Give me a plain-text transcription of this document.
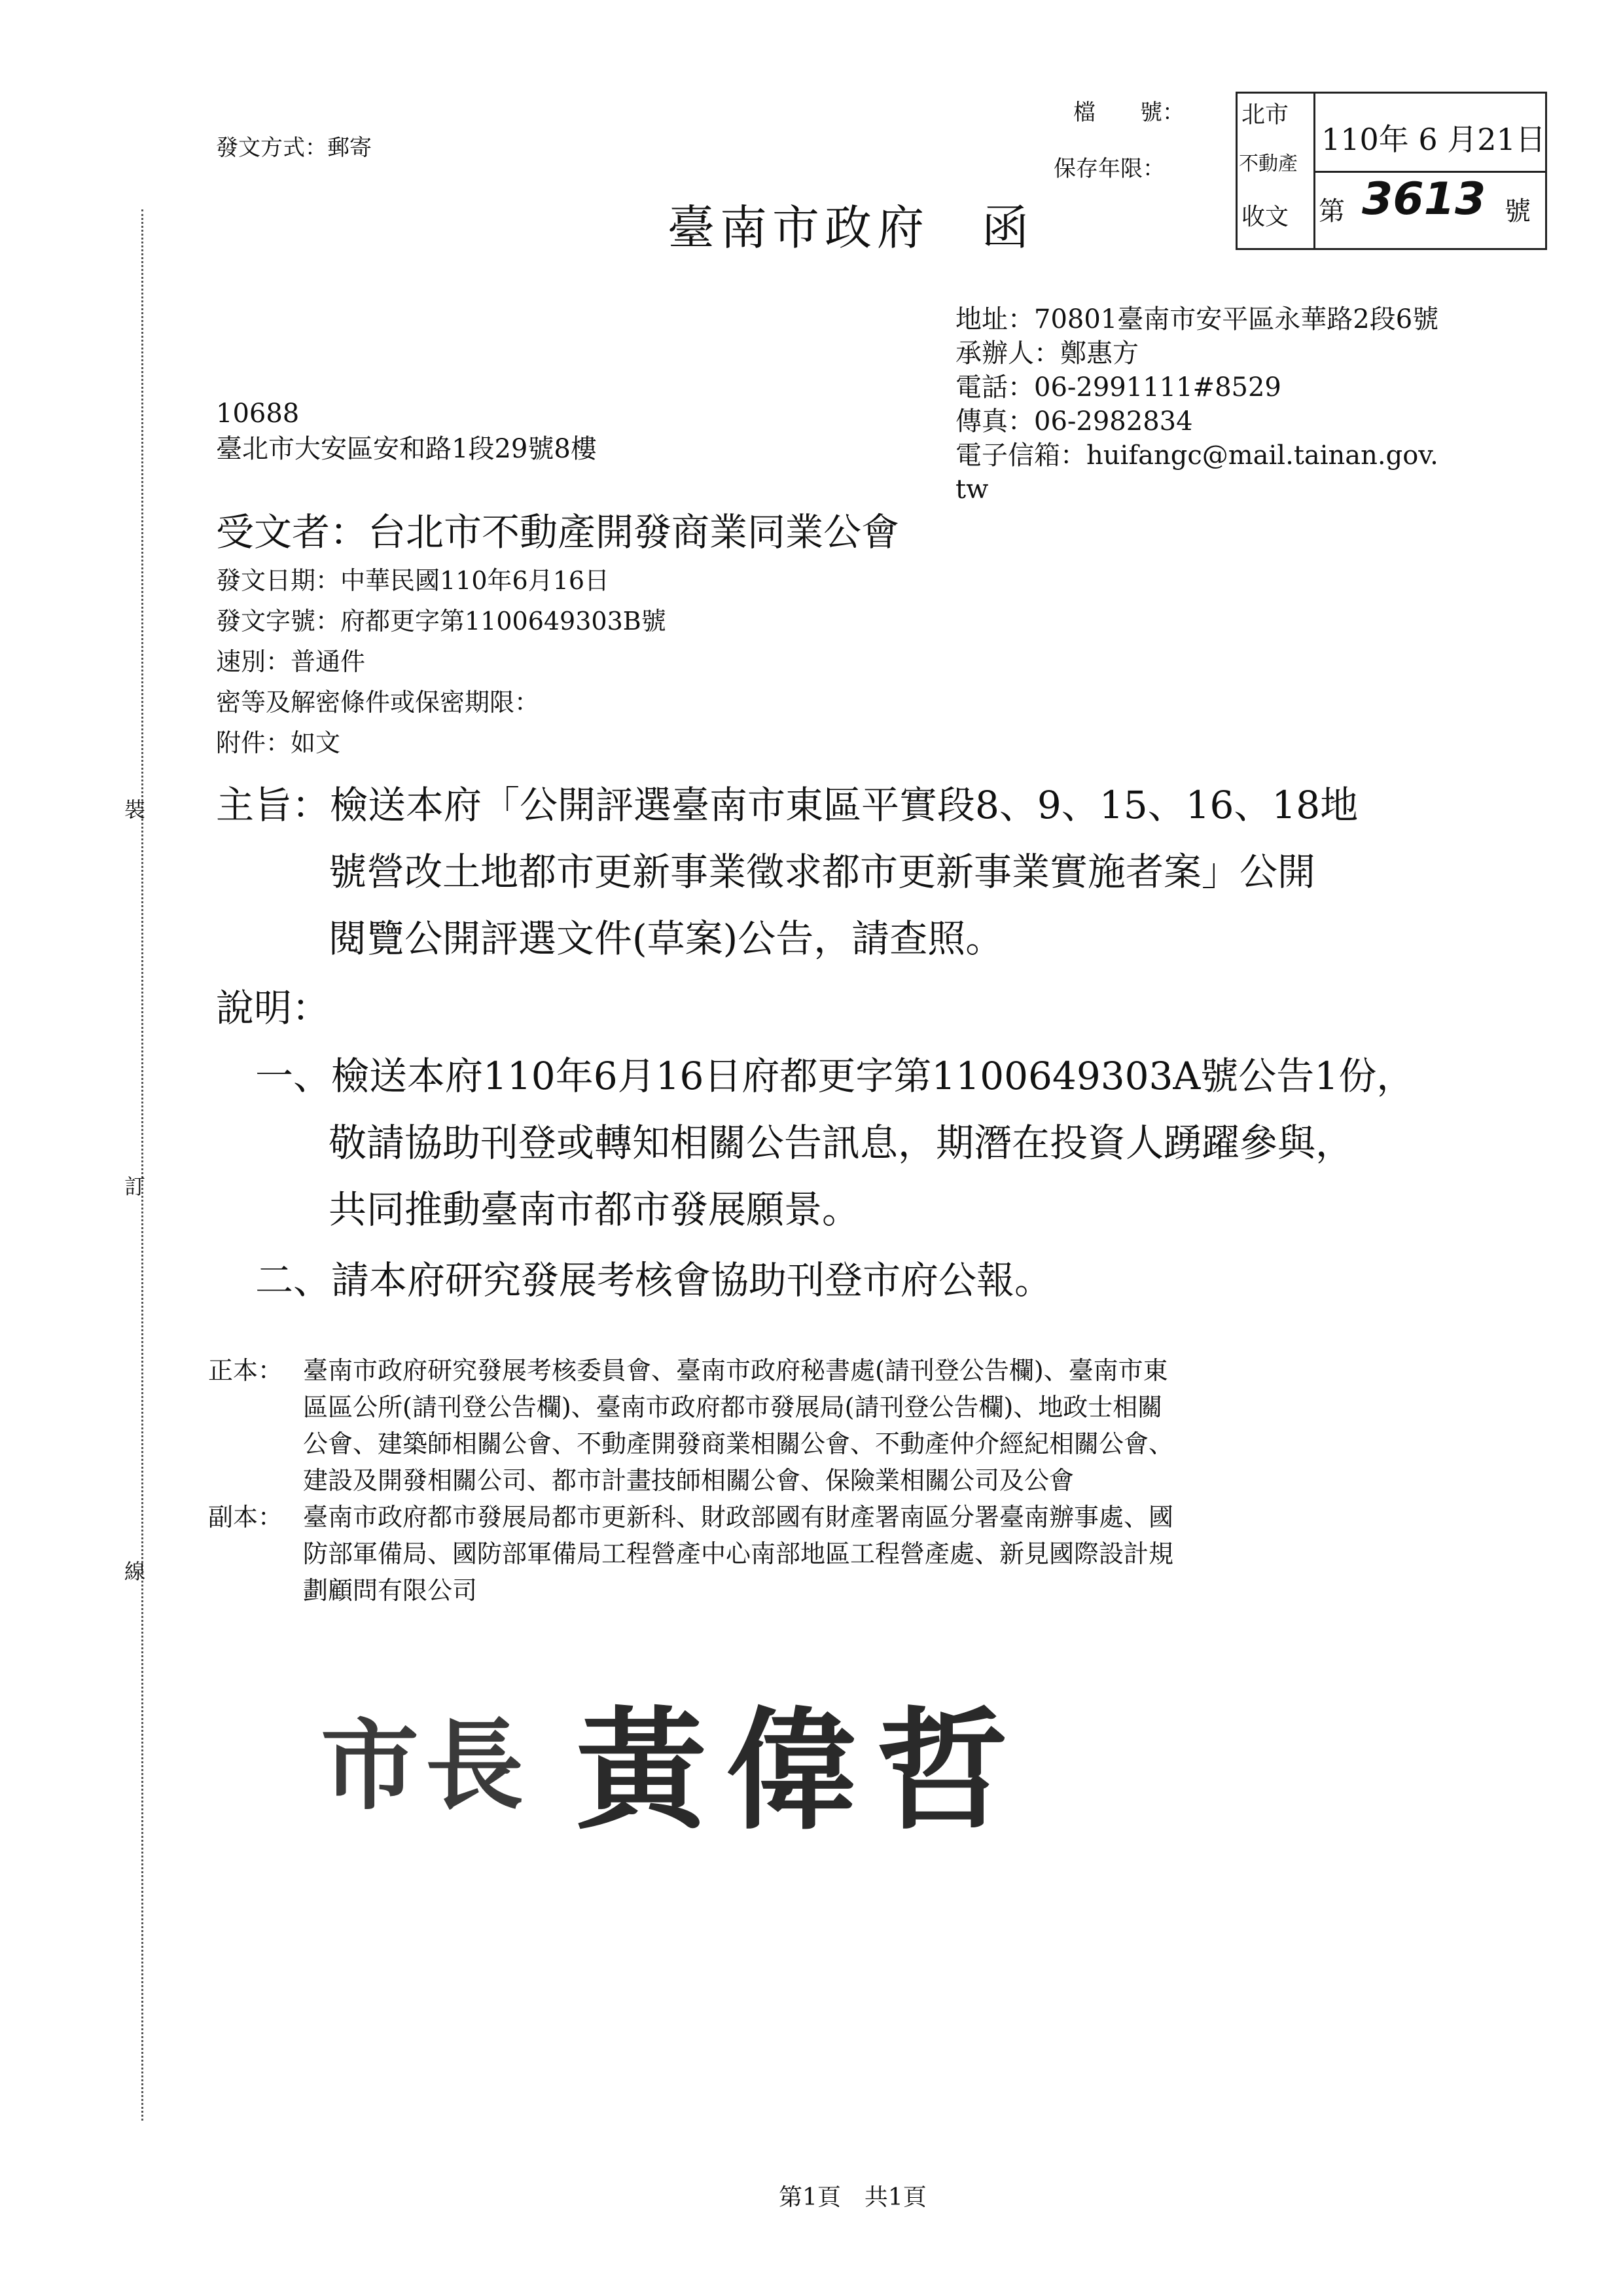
裝
訂
線
發文方式：郵寄
檔　　號：
保存年限：
臺南市政府　函
北市
不動產
收文
110年 6 月21日
第 3613 號
地址：70801臺南市安平區永華路2段6號
承辦人：鄭惠方
電話：06-2991111#8529
傳真：06-2982834
電子信箱：huifangc@mail.tainan.gov.
tw
10688
臺北市大安區安和路1段29號8樓
受文者：台北市不動產開發商業同業公會
發文日期：中華民國110年6月16日
發文字號：府都更字第1100649303B號
速別：普通件
密等及解密條件或保密期限：
附件：如文
主旨：檢送本府「公開評選臺南市東區平實段8、9、15、16、18地
號營改土地都市更新事業徵求都市更新事業實施者案」公開
閱覽公開評選文件(草案)公告，請查照。
說明：
一、檢送本府110年6月16日府都更字第1100649303A號公告1份，
敬請協助刊登或轉知相關公告訊息，期潛在投資人踴躍參與，
共同推動臺南市都市發展願景。
二、請本府研究發展考核會協助刊登市府公報。
正本： 臺南市政府研究發展考核委員會、臺南市政府秘書處(請刊登公告欄)、臺南市東
區區公所(請刊登公告欄)、臺南市政府都市發展局(請刊登公告欄)、地政士相關
公會、建築師相關公會、不動產開發商業相關公會、不動產仲介經紀相關公會、
建設及開發相關公司、都市計畫技師相關公會、保險業相關公司及公會
副本： 臺南市政府都市發展局都市更新科、財政部國有財產署南區分署臺南辦事處、國
防部軍備局、國防部軍備局工程營產中心南部地區工程營產處、新見國際設計規
劃顧問有限公司
市長 黃偉哲
第1頁　共1頁
